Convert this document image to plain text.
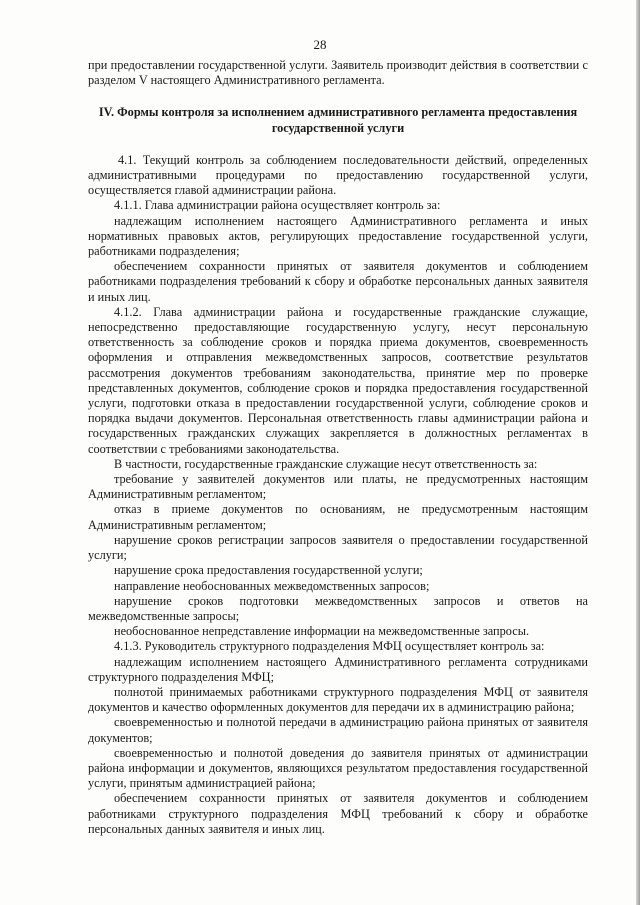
28

при предоставлении государственной услуги. Заявитель производит действия в соответствии с разделом V настоящего Административного регламента.

IV. Формы контроля за исполнением административного регламента предоставления государственной услуги

4.1. Текущий контроль за соблюдением последовательности действий, определенных административными процедурами по предоставлению государственной услуги, осуществляется главой администрации района.

4.1.1. Глава администрации района осуществляет контроль за:

надлежащим исполнением настоящего Административного регламента и иных нормативных правовых актов, регулирующих предоставление государственной услуги, работниками подразделения;

обеспечением сохранности принятых от заявителя документов и соблюдением работниками подразделения требований к сбору и обработке персональных данных заявителя и иных лиц.

4.1.2. Глава администрации района и государственные гражданские служащие, непосредственно предоставляющие государственную услугу, несут персональную ответственность за соблюдение сроков и порядка приема документов, своевременность оформления и отправления межведомственных запросов, соответствие результатов рассмотрения документов требованиям законодательства, принятие мер по проверке представленных документов, соблюдение сроков и порядка предоставления государственной услуги, подготовки отказа в предоставлении государственной услуги, соблюдение сроков и порядка выдачи документов. Персональная ответственность главы администрации района и государственных гражданских служащих закрепляется в должностных регламентах в соответствии с требованиями законодательства.

В частности, государственные гражданские служащие несут ответственность за:

требование у заявителей документов или платы, не предусмотренных настоящим Административным регламентом;

отказ в приеме документов по основаниям, не предусмотренным настоящим Административным регламентом;

нарушение сроков регистрации запросов заявителя о предоставлении государственной услуги;

нарушение срока предоставления государственной услуги;

направление необоснованных межведомственных запросов;

нарушение сроков подготовки межведомственных запросов и ответов на межведомственные запросы;

необоснованное непредставление информации на межведомственные запросы.

4.1.3. Руководитель структурного подразделения МФЦ осуществляет контроль за:

надлежащим исполнением настоящего Административного регламента сотрудниками структурного подразделения МФЦ;

полнотой принимаемых работниками структурного подразделения МФЦ от заявителя документов и качество оформленных документов для передачи их в администрацию района;

своевременностью и полнотой передачи в администрацию района принятых от заявителя документов;

своевременностью и полнотой доведения до заявителя принятых от администрации района информации и документов, являющихся результатом предоставления государственной услуги, принятым администрацией района;

обеспечением сохранности принятых от заявителя документов и соблюдением работниками структурного подразделения МФЦ требований к сбору и обработке персональных данных заявителя и иных лиц.
